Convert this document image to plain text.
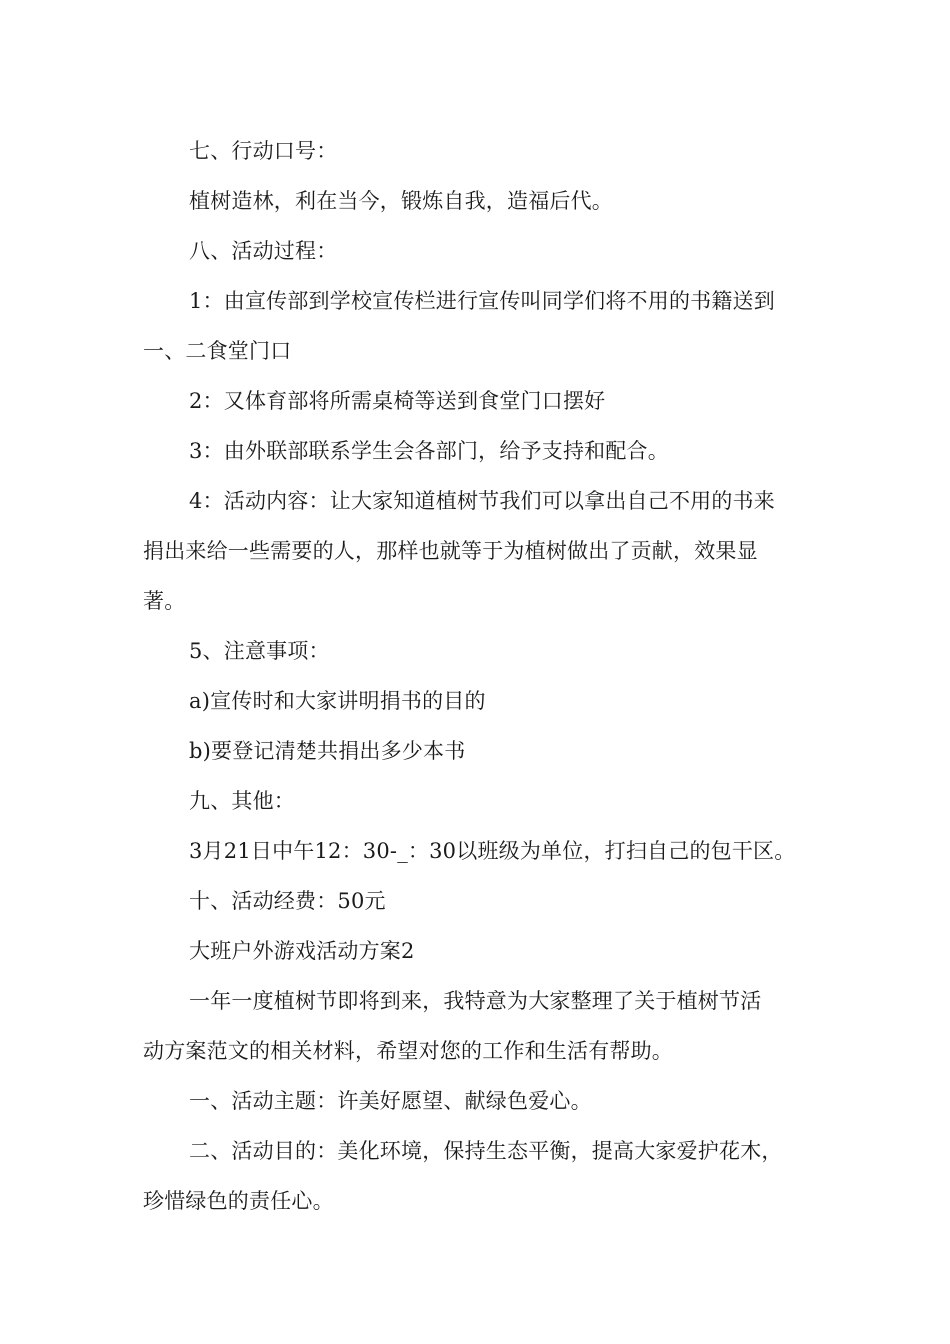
七、行动口号：
植树造林，利在当今，锻炼自我，造福后代。
八、活动过程：
1：由宣传部到学校宣传栏进行宣传叫同学们将不用的书籍送到
一、二食堂门口
2：又体育部将所需桌椅等送到食堂门口摆好
3：由外联部联系学生会各部门，给予支持和配合。
4：活动内容：让大家知道植树节我们可以拿出自己不用的书来
捐出来给一些需要的人，那样也就等于为植树做出了贡献，效果显
著。
5、注意事项：
a)宣传时和大家讲明捐书的目的
b)要登记清楚共捐出多少本书
九、其他：
3月21日中午12：30-_：30以班级为单位，打扫自己的包干区。
十、活动经费：50元
大班户外游戏活动方案2
一年一度植树节即将到来，我特意为大家整理了关于植树节活
动方案范文的相关材料，希望对您的工作和生活有帮助。
一、活动主题：许美好愿望、献绿色爱心。
二、活动目的：美化环境，保持生态平衡，提高大家爱护花木，
珍惜绿色的责任心。
